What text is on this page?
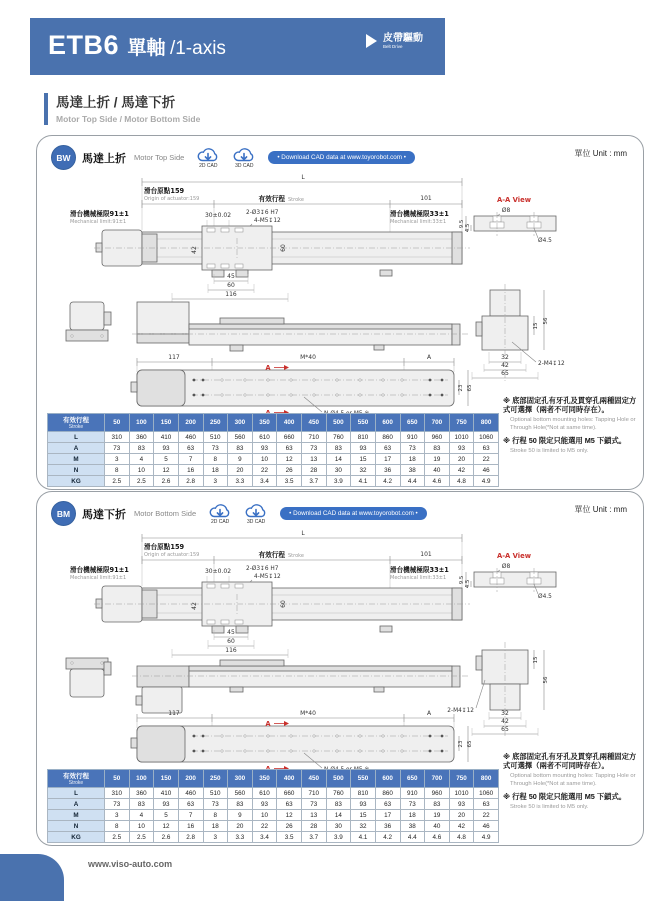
ETB6 單軸 /1-axis	皮帶驅動
Belt Drive
馬達上折 / 馬達下折
Motor Top Side / Motor Bottom Side
BW	馬達上折 Motor Top Side
2D CAD	3D CAD
• Download CAD data at www.toyorobot.com •	單位 Unit : mm
L
滑台原點159
Origin of actuator:159	有效行程 Stroke	101
滑台機械極限91±1
Mechanical limit:91±1
30±0.02	2-Ø3↧6 H7
4-M5↧12
滑台機械極限33±1
Mechanical limit:33±1
42	60
45
60
116
A-A View
Ø8
9.5 4.5
Ø4.5
15
56
2-M4↧12
32
42
65
117	M*40	A
23 65
A
有效行程
Stroke	50	100	150	200	250	300	350	400	450	500	550	600	650	700	750	800
L	310	360	410	460	510	560	610	660	710	760	810	860	910	960	1010	1060
A	73	83	93	63	73	83	93	63	73	83	93	63	73	83	93	63
M	3	4	5	7	8	9	10	12	13	14	15	17	18	19	20	22
N	8	10	12	16	18	20	22	26	28	30	32	36	38	40	42	46
KG	2.5	2.5	2.6	2.8	3	3.3	3.4	3.5	3.7	3.9	4.1	4.2	4.4	4.6	4.8	4.9
※ 底部固定孔有牙孔及貫穿孔兩種固定方式可選擇（兩者不可同時存在）。
Optional bottom mounting holes: Tapping Hole or Through Hole(*Not at same time).
※ 行程 50 限定只能選用 M5 下鎖式。
Stroke 50 is limited to M5 only.
BM	馬達下折 Motor Bottom Side
2D CAD	3D CAD
• Download CAD data at www.toyorobot.com •	單位 Unit : mm
L
滑台原點159
Origin of actuator:159	有效行程 Stroke	101
滑台機械極限91±1
Mechanical limit:91±1
30±0.02	2-Ø3↧6 H7
4-M5↧12
滑台機械極限33±1
Mechanical limit:33±1
42	60
45
60
116
A-A View
Ø8
9.5 4.5
Ø4.5
15
56
2-M4↧12	32
42
65
117	M*40	A
23 65
A
有效行程
Stroke	50	100	150	200	250	300	350	400	450	500	550	600	650	700	750	800
L	310	360	410	460	510	560	610	660	710	760	810	860	910	960	1010	1060
A	73	83	93	63	73	83	93	63	73	83	93	63	73	83	93	63
M	3	4	5	7	8	9	10	12	13	14	15	17	18	19	20	22
N	8	10	12	16	18	20	22	26	28	30	32	36	38	40	42	46
KG	2.5	2.5	2.6	2.8	3	3.3	3.4	3.5	3.7	3.9	4.1	4.2	4.4	4.6	4.8	4.9
※ 底部固定孔有牙孔及貫穿孔兩種固定方式可選擇（兩者不可同時存在）。
Optional bottom mounting holes: Tapping Hole or Through Hole(*Not at same time).
※ 行程 50 限定只能選用 M5 下鎖式。
Stroke 50 is limited to M5 only.
www.viso-auto.com
